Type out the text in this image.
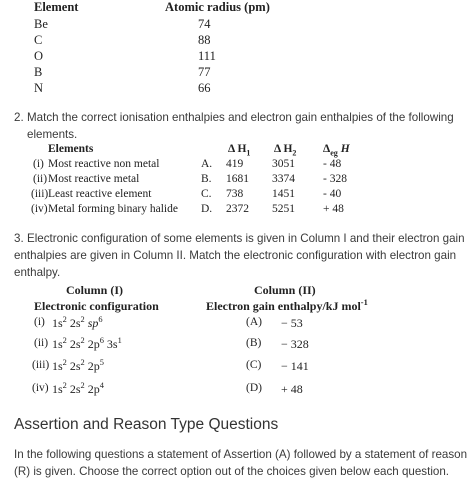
Element	Atomic radius (pm)
Be	74
C	88
O	111
B	77
N	66
2. Match the correct ionisation enthalpies and electron gain enthalpies of the following
elements.
Elements	Δ $H_1$ Δ $H_2$ $\Delta_{eg}$ H
(i) Most reactive non metal	A. 419	3051 - 48
(ii) Most reactive metal	B. 1681 3374 - 328
(iii) Least reactive element	C. 738	1451 - 40
(iv) Metal forming binary halide D. 2372 5251 + 48
3. Electronic configuration of some elements is given in Column I and their electron gain
enthalpies are given in Column II. Match the electronic configuration with electron gain
enthalpy.
Column (I)	Column (II)
Electronic configuration	Electron gain enthalpy/kJ mol$^{-1}$
(i) $1s^2$ $2s^2$ $sp^6$	(A) − 53
(ii) $1s^2$ $2s^2$ $2p^6$ $3s^1$	(B) − 328
(iii) $1s^2$ $2s^2$ $2p^5$	(C) − 141
(iv) $1s^2$ $2s^2$ $2p^4$	(D) + 48
Assertion and Reason Type Questions
In the following questions a statement of Assertion (A) followed by a statement of reason
(R) is given. Choose the correct option out of the choices given below each question.
